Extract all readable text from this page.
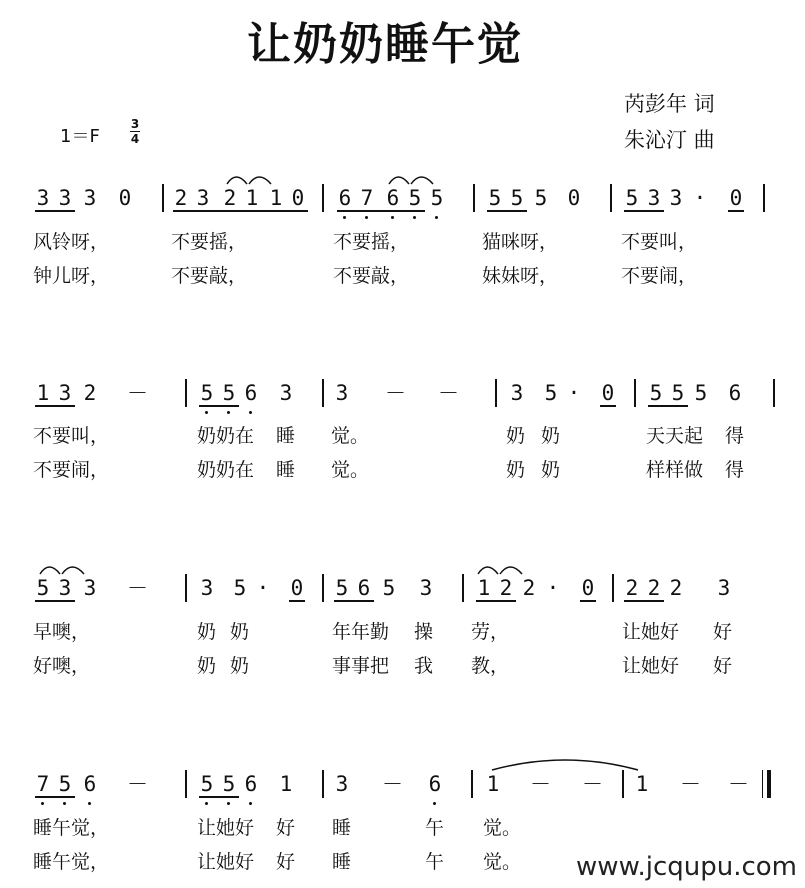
让奶奶睡午觉
芮彭年 词
朱沁汀 曲
1＝F
3
4
3 3 3 0 2 3 2 1 1 0 6 7 6 5 5 5 5 5 0 5 3 3 · 0
风铃呀，	不要摇，	不要摇，	猫咪呀，	不要叫，
钟儿呀，	不要敲，	不要敲，	妹妹呀，	不要闹，
1 3 2 －	5 5 6 3 3 － － 3 5 · 0 5 5 5 6
不要叫，	奶奶在 睡 觉。	奶 奶	天天起 得
不要闹，	奶奶在 睡 觉。	奶 奶	样样做 得
5 3 3 －	3 5 · 0 5 6 5 3 1 2 2 · 0 2 2 2 3
早噢，	奶 奶	年年勤 操 劳，	让她好 好
好噢，	奶 奶	事事把 我 教，	让她好 好
7 5 6 －	5 5 6 1 3 － 6 1 － － 1 － －
睡午觉，	让她好 好 睡	午 觉。
睡午觉，	让她好 好 睡	午 觉。 www.jcqupu.com
